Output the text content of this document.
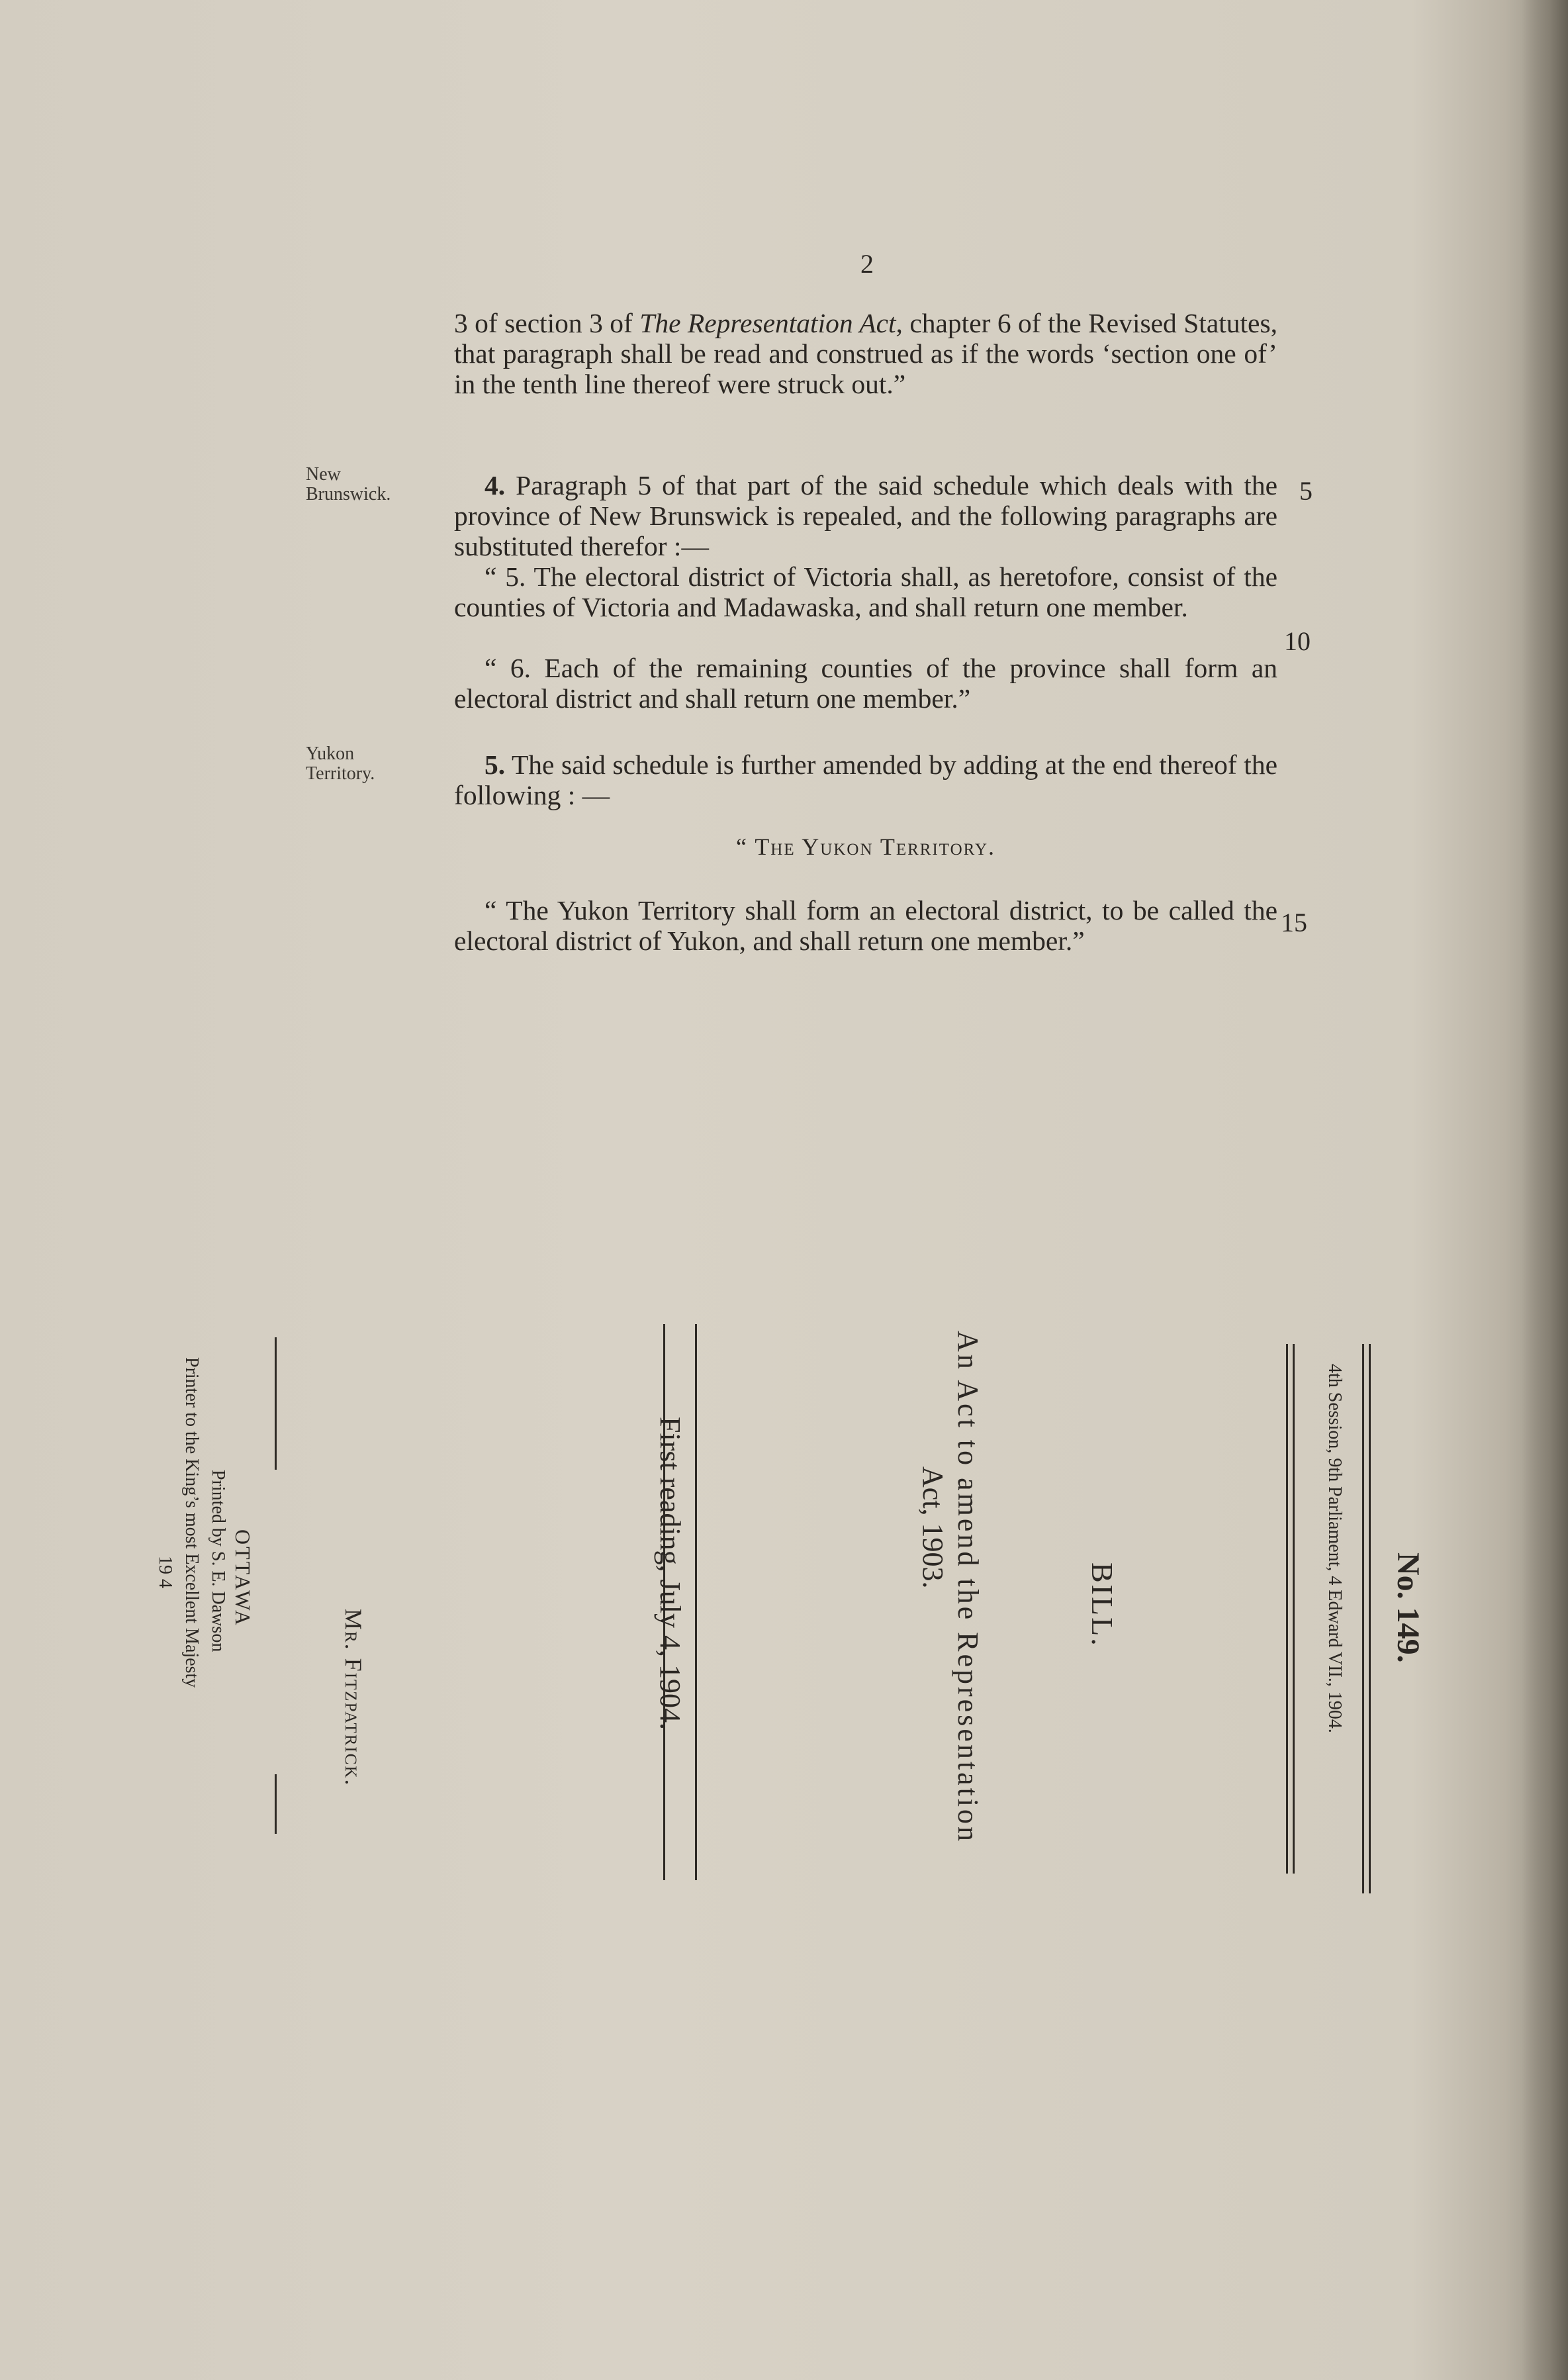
2
3 of section 3 of The Representation Act, chapter 6 of the Revised Statutes, that paragraph shall be read and construed as if the words ‘section one of’ in the tenth line thereof were struck out.”
New Brunswick.	4. Paragraph 5 of that part of the said schedule which deals with the province of New Brunswick is repealed, and the following paragraphs are substituted therefor :—
“ 5. The electoral district of Victoria shall, as heretofore, consist of the counties of Victoria and Madawaska, and shall return one member.
“ 6. Each of the remaining counties of the province shall form an electoral district and shall return one member.”
Yukon Territory.	5. The said schedule is further amended by adding at the end thereof the following : —
“ The Yukon Territory.
“ The Yukon Territory shall form an electoral district, to be called the electoral district of Yukon, and shall return one member.”
5
10
15
No. 149.
4th Session, 9th Parliament, 4 Edward VII., 1904.
BILL.
An Act to amend the Representation
Act, 1903.
First reading, July 4, 1904.
Mr. Fitzpatrick.
OTTAWA
Printed by S. E. Dawson
Printer to the King’s most Excellent Majesty
19 4
